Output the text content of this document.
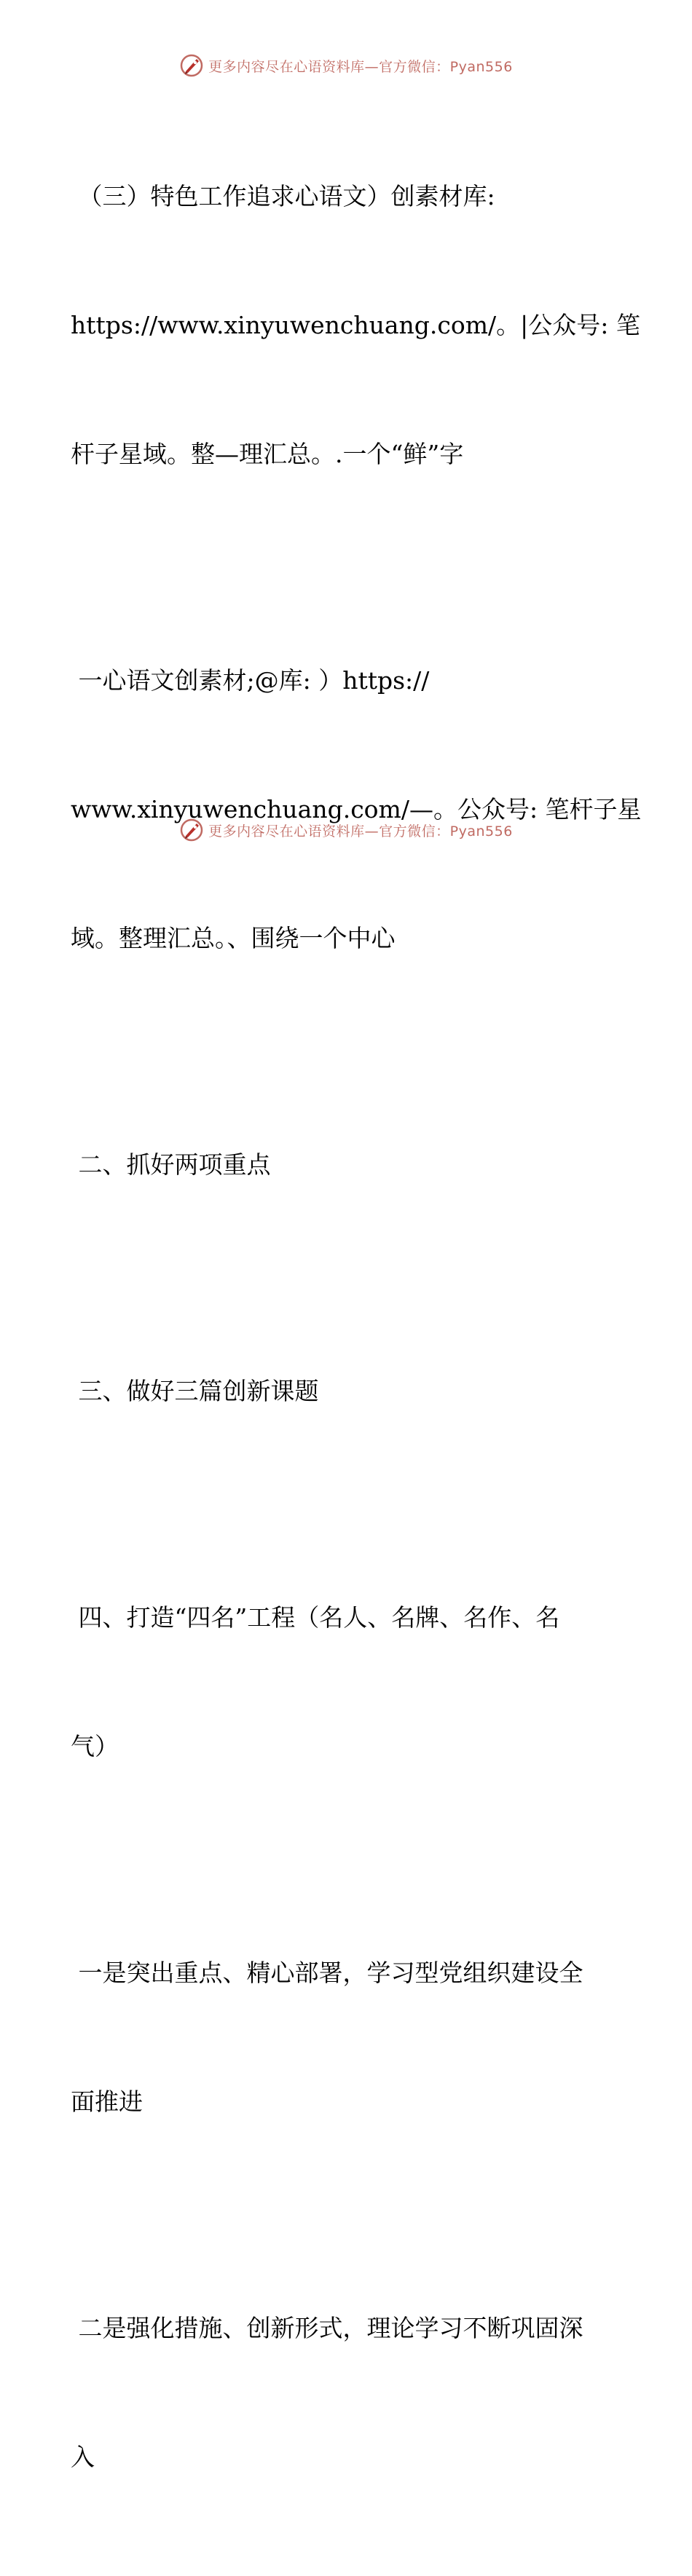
更多内容尽在心语资料库—官方微信：Pyan556

（三）特色工作追求心语文）创素材库:

https://www.xinyuwenchuang.com/。|公众号: 笔

杆子星域。整—理汇总。.一个“鲜”字

一心语文创素材;@库: ）https://

www.xinyuwenchuang.com/—。公众号: 笔杆子星

域。整理汇总。、围绕一个中心

二、抓好两项重点

三、做好三篇创新课题

四、打造“四名”工程（名人、名牌、名作、名

气）

一是突出重点、精心部署，学习型党组织建设全

面推进

二是强化措施、创新形式，理论学习不断巩固深

入

更多内容尽在心语资料库—官方微信：Pyan556
